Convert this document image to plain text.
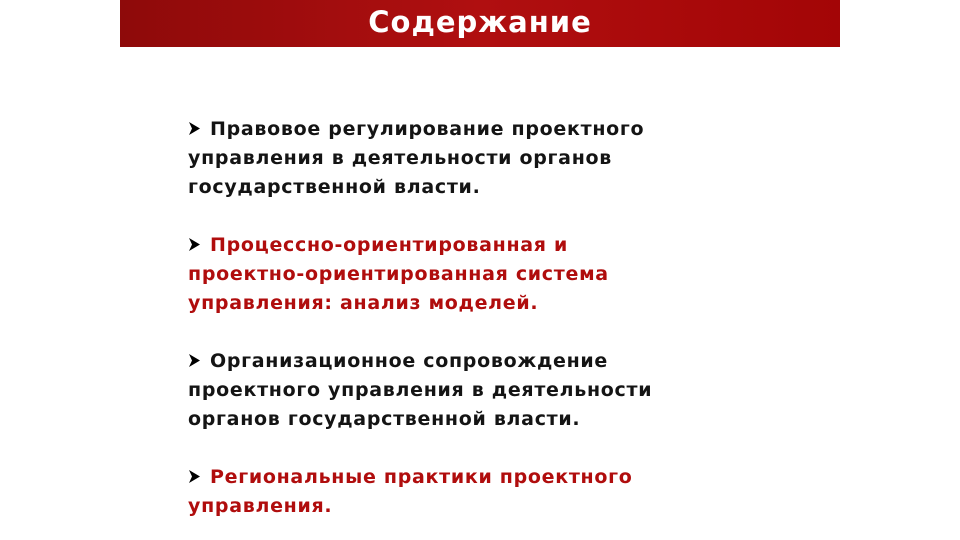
Содержание
Правовое регулирование проектного
управления в деятельности органов
государственной власти.
Процессно-ориентированная и
проектно-ориентированная система
управления: анализ моделей.
Организационное сопровождение
проектного управления в деятельности
органов государственной власти.
Региональные практики проектного
управления.
